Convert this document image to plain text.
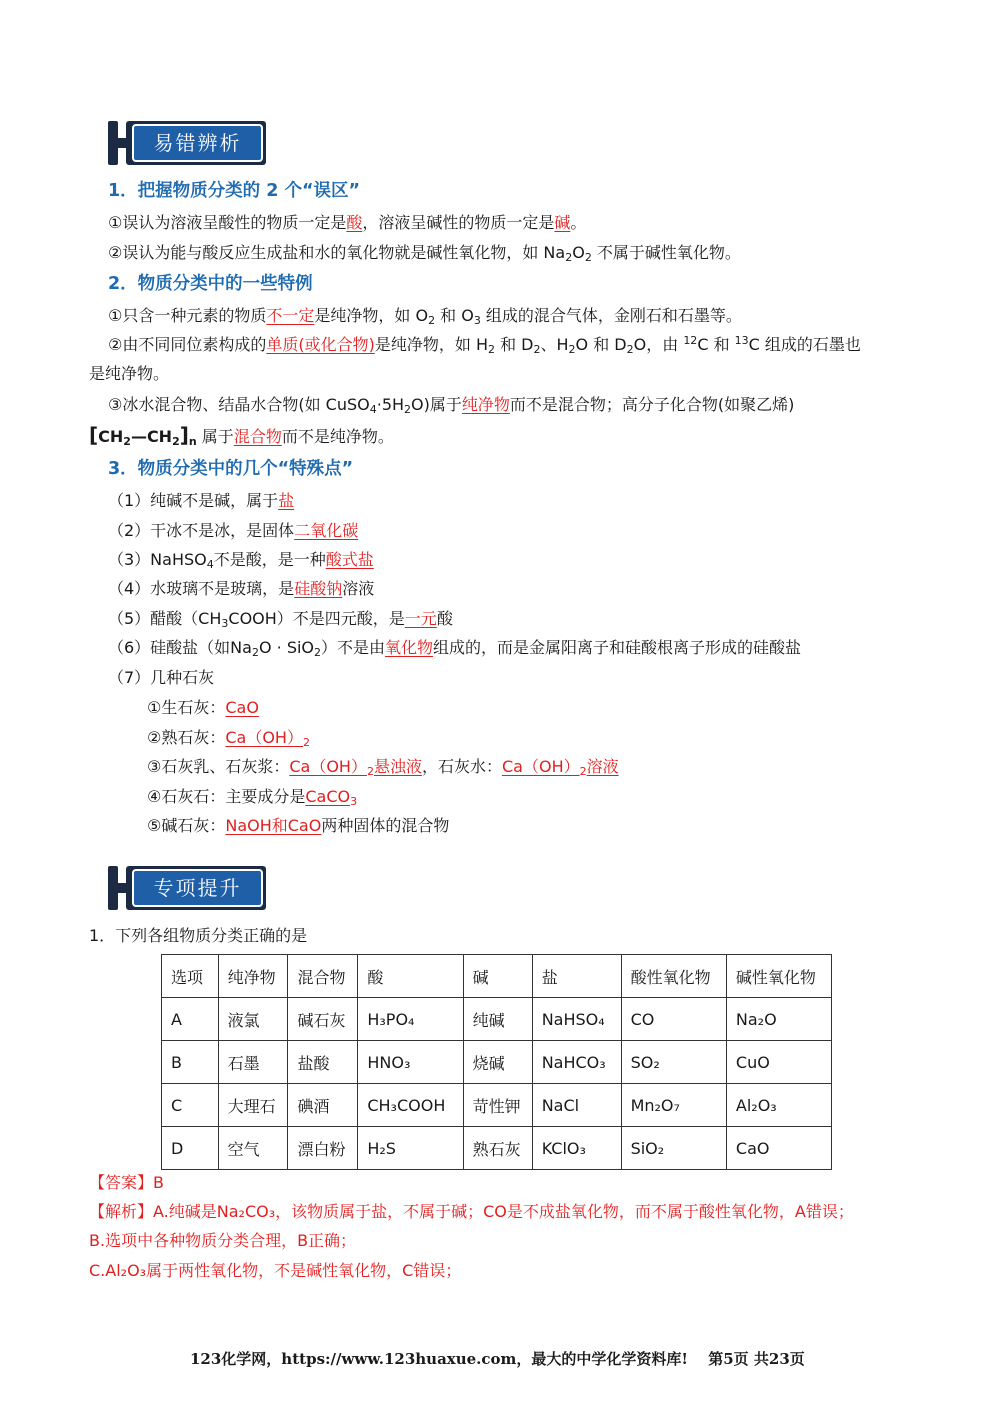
易错辨析
1．把握物质分类的 2 个“误区”
①误认为溶液呈酸性的物质一定是酸，溶液呈碱性的物质一定是碱。
②误认为能与酸反应生成盐和水的氧化物就是碱性氧化物，如 $Na_2O_2$ 不属于碱性氧化物。
2．物质分类中的一些特例
①只含一种元素的物质不一定是纯净物，如 $O_2$ 和 $O_3$ 组成的混合气体，金刚石和石墨等。
②由不同同位素构成的单质(或化合物)是纯净物，如 $H_2$ 和 $D_2$、$H_2O$ 和 $D_2O$，由 $^{12}$C 和 $^{13}$C 组成的石墨也
是纯净物。
③冰水混合物、结晶水合物(如 $CuSO_4\cdot 5H_2O$)属于纯净物而不是混合物；高分子化合物(如聚乙烯)
$[CH_2—CH_2]_n$ 属于混合物而不是纯净物。
3．物质分类中的几个“特殊点”
（1）纯碱不是碱，属于盐
（2）干冰不是冰，是固体二氧化碳
（3）NaHSO$_4$不是酸，是一种酸式盐
（4）水玻璃不是玻璃，是硅酸钠溶液
（5）醋酸$(CH_3COOH)$不是四元酸，是一元酸
（6）硅酸盐（如$Na_2O \cdot SiO_2$）不是由氧化物组成的，而是金属阳离子和硅酸根离子形成的硅酸盐
（7）几种石灰
①生石灰：CaO
②熟石灰：$Ca(OH)_2$
③石灰乳、石灰浆：$Ca(OH)_2$悬浊液，石灰水：$Ca(OH)_2$溶液
④石灰石：主要成分是CaCO$_3$
⑤碱石灰：NaOH和CaO两种固体的混合物
专项提升
1．下列各组物质分类正确的是
选项	纯净物	混合物	酸	碱	盐	酸性氧化物	碱性氧化物
A	液氯	碱石灰	H₃PO₄	纯碱	NaHSO₄	CO	Na₂O
B	石墨	盐酸	HNO₃	烧碱	NaHCO₃	SO₂	CuO
C	大理石	碘酒	CH₃COOH	苛性钾	NaCl	Mn₂O₇	Al₂O₃
D	空气	漂白粉	H₂S	熟石灰	KClO₃	SiO₂	CaO
【答案】B
【解析】A.纯碱是Na₂CO₃，该物质属于盐，不属于碱；CO是不成盐氧化物，而不属于酸性氧化物，A错误；
B.选项中各种物质分类合理，B正确；
C.Al₂O₃属于两性氧化物，不是碱性氧化物，C错误；
123化学网，https://www.123huaxue.com，最大的中学化学资料库!　 第5页 共23页
